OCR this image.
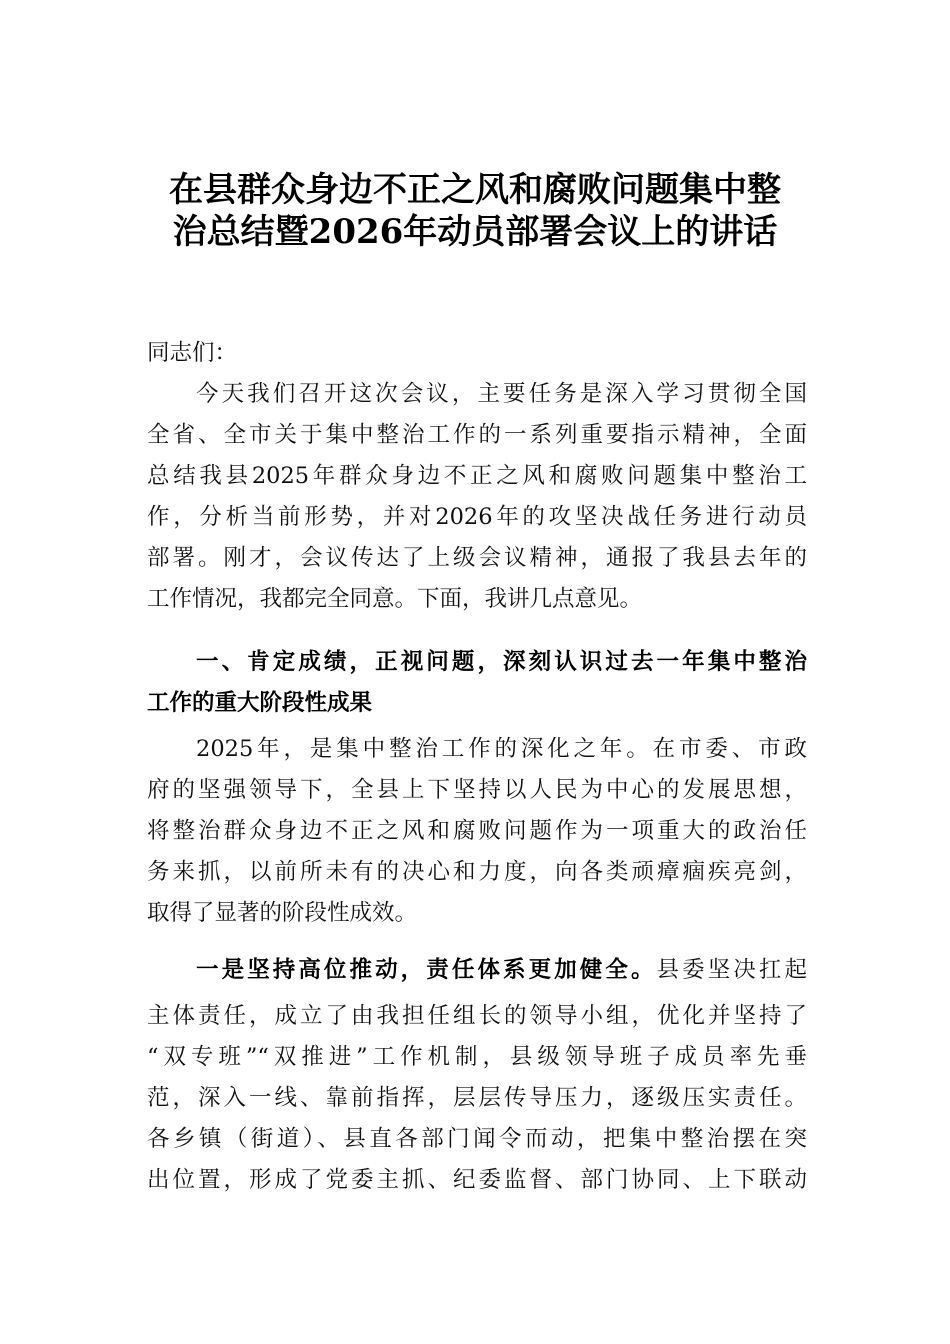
在县群众身边不正之风和腐败问题集中整
治总结暨2026年动员部署会议上的讲话
同志们：
今天我们召开这次会议，主要任务是深入学习贯彻全国
全省、全市关于集中整治工作的一系列重要指示精神，全面
总结我县2025年群众身边不正之风和腐败问题集中整治工
作，分析当前形势，并对2026年的攻坚决战任务进行动员
部署。刚才，会议传达了上级会议精神，通报了我县去年的
工作情况，我都完全同意。下面，我讲几点意见。
一、肯定成绩，正视问题，深刻认识过去一年集中整治
工作的重大阶段性成果
2025年，是集中整治工作的深化之年。在市委、市政
府的坚强领导下，全县上下坚持以人民为中心的发展思想，
将整治群众身边不正之风和腐败问题作为一项重大的政治任
务来抓，以前所未有的决心和力度，向各类顽瘴痼疾亮剑，
取得了显著的阶段性成效。
一是坚持高位推动，责任体系更加健全。县委坚决扛起
主体责任，成立了由我担任组长的领导小组，优化并坚持了
“双专班”“双推进”工作机制，县级领导班子成员率先垂
范，深入一线、靠前指挥，层层传导压力，逐级压实责任。
各乡镇（街道）、县直各部门闻令而动，把集中整治摆在突
出位置，形成了党委主抓、纪委监督、部门协同、上下联动
